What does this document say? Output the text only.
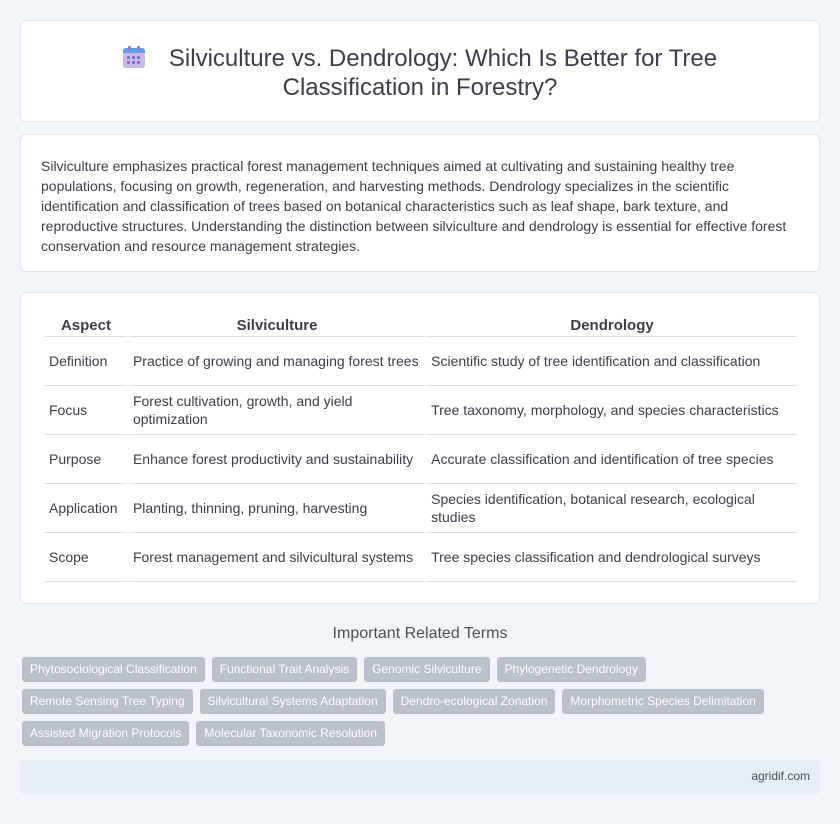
Silviculture vs. Dendrology: Which Is Better for Tree Classification in Forestry?

Silviculture emphasizes practical forest management techniques aimed at cultivating and sustaining healthy tree populations, focusing on growth, regeneration, and harvesting methods. Dendrology specializes in the scientific identification and classification of trees based on botanical characteristics such as leaf shape, bark texture, and reproductive structures. Understanding the distinction between silviculture and dendrology is essential for effective forest conservation and resource management strategies.

Aspect	Silviculture	Dendrology
Definition	Practice of growing and managing forest trees	Scientific study of tree identification and classification
Focus	Forest cultivation, growth, and yield optimization	Tree taxonomy, morphology, and species characteristics
Purpose	Enhance forest productivity and sustainability	Accurate classification and identification of tree species
Application	Planting, thinning, pruning, harvesting	Species identification, botanical research, ecological studies
Scope	Forest management and silvicultural systems	Tree species classification and dendrological surveys
Important Related Terms
Phytosociological Classification	Functional Trait Analysis	Genomic Silviculture	Phylogenetic Dendrology
Remote Sensing Tree Typing	Silvicultural Systems Adaptation	Dendro-ecological Zonation	Morphometric Species Delimitation
Assisted Migration Protocols	Molecular Taxonomic Resolution
agridif.com
